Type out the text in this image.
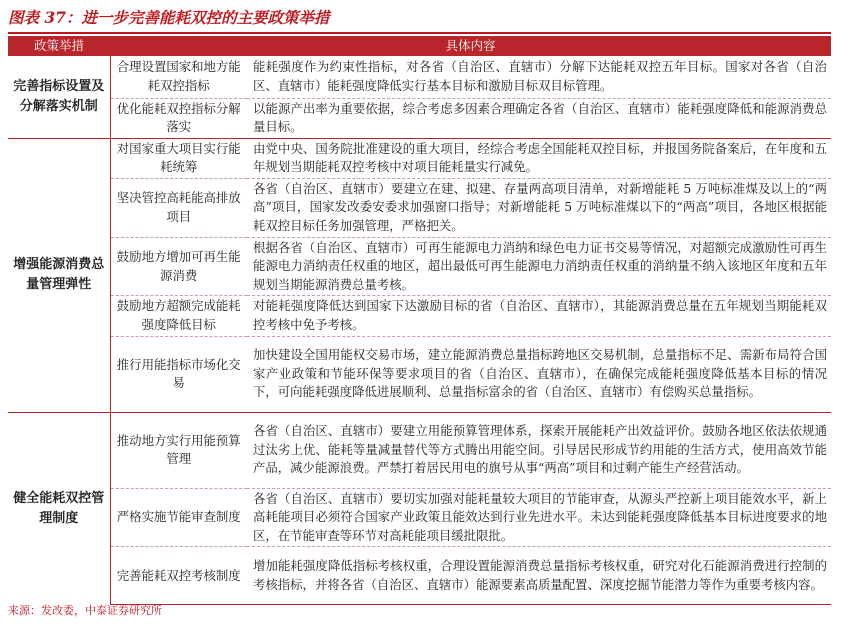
图表 37：进一步完善能耗双控的主要政策举措
政策举措	具体内容	
完善指标设置及分解落实机制	合理设置国家和地方能耗双控指标	能耗强度作为约束性指标，对各省（自治区、直辖市）分解下达能耗双控五年目标。国家对各省（自治区、直辖市）能耗强度降低实行基本目标和激励目标双目标管理。
	优化能耗双控指标分解落实	以能源产出率为重要依据，综合考虑多因素合理确定各省（自治区、直辖市）能耗强度降低和能源消费总量目标。
增强能源消费总量管理弹性	对国家重大项目实行能耗统筹	由党中央、国务院批准建设的重大项目，经综合考虑全国能耗双控目标，并报国务院备案后，在年度和五年规划当期能耗双控考核中对项目能耗量实行减免。
	坚决管控高耗能高排放项目	各省（自治区、直辖市）要建立在建、拟建、存量两高项目清单，对新增能耗 5 万吨标准煤及以上的“两高”项目，国家发改委安委求加强窗口指导；对新增能耗 5 万吨标准煤以下的“两高”项目，各地区根据能耗双控目标任务加强管理，严格把关。
	鼓励地方增加可再生能源消费	根据各省（自治区、直辖市）可再生能源电力消纳和绿色电力证书交易等情况，对超额完成激励性可再生能源电力消纳责任权重的地区，超出最低可再生能源电力消纳责任权重的消纳量不纳入该地区年度和五年规划当期能源消费总量考核。
	鼓励地方超额完成能耗强度降低目标	对能耗强度降低达到国家下达激励目标的省（自治区、直辖市），其能源消费总量在五年规划当期能耗双控考核中免予考核。
	推行用能指标市场化交易	加快建设全国用能权交易市场，建立能源消费总量指标跨地区交易机制，总量指标不足、需新布局符合国家产业政策和节能环保等要求项目的省（自治区、直辖市），在确保完成能耗强度降低基本目标的情况下，可向能耗强度降低进展顺利、总量指标富余的省（自治区、直辖市）有偿购买总量指标。
健全能耗双控管理制度	推动地方实行用能预算管理	各省（自治区、直辖市）要建立用能预算管理体系，探索开展能耗产出效益评价。鼓励各地区依法依规通过汰劣上优、能耗等量减量替代等方式腾出用能空间。引导居民形成节约用能的生活方式，使用高效节能产品，减少能源浪费。严禁打着居民用电的旗号从事“两高”项目和过剩产能生产经营活动。
	严格实施节能审查制度	各省（自治区、直辖市）要切实加强对能耗量较大项目的节能审查，从源头严控新上项目能效水平，新上高耗能项目必须符合国家产业政策且能效达到行业先进水平。未达到能耗强度降低基本目标进度要求的地区，在节能审查等环节对高耗能项目缓批限批。
	完善能耗双控考核制度	增加能耗强度降低指标考核权重，合理设置能源消费总量指标考核权重，研究对化石能源消费进行控制的考核指标，并将各省（自治区、直辖市）能源要素高质量配置、深度挖掘节能潜力等作为重要考核内容。
来源：发改委，中泰证券研究所
